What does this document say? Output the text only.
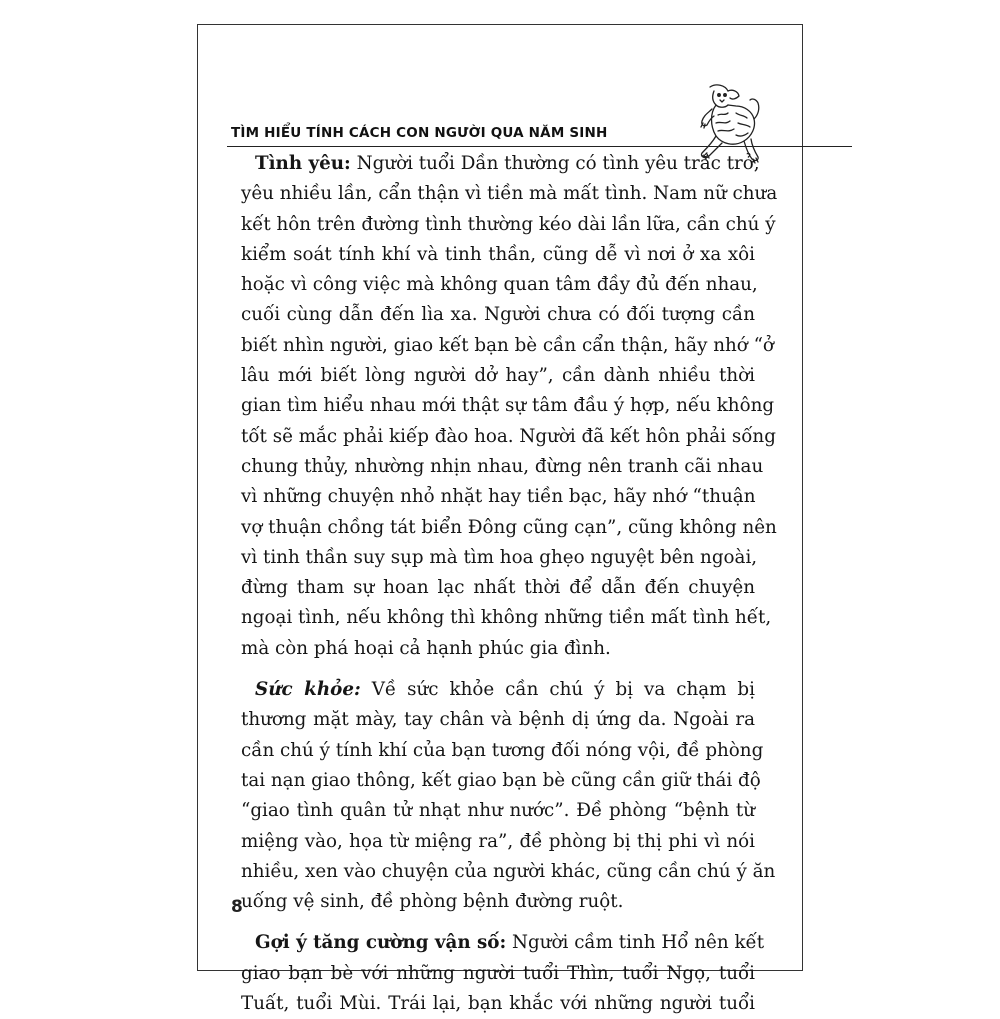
TÌM HIỂU TÍNH CÁCH CON NGƯỜI QUA NĂM SINH
Tình yêu: Người tuổi Dần thường có tình yêu trắc trở,
yêu nhiều lần, cẩn thận vì tiền mà mất tình. Nam nữ chưa
kết hôn trên đường tình thường kéo dài lần lữa, cần chú ý
kiểm soát tính khí và tinh thần, cũng dễ vì nơi ở xa xôi
hoặc vì công việc mà không quan tâm đầy đủ đến nhau,
cuối cùng dẫn đến lìa xa. Người chưa có đối tượng cần
biết nhìn người, giao kết bạn bè cần cẩn thận, hãy nhớ “ở
lâu mới biết lòng người dở hay”, cần dành nhiều thời
gian tìm hiểu nhau mới thật sự tâm đầu ý hợp, nếu không
tốt sẽ mắc phải kiếp đào hoa. Người đã kết hôn phải sống
chung thủy, nhường nhịn nhau, đừng nên tranh cãi nhau
vì những chuyện nhỏ nhặt hay tiền bạc, hãy nhớ “thuận
vợ thuận chồng tát biển Đông cũng cạn”, cũng không nên
vì tinh thần suy sụp mà tìm hoa ghẹo nguyệt bên ngoài,
đừng tham sự hoan lạc nhất thời để dẫn đến chuyện
ngoại tình, nếu không thì không những tiền mất tình hết,
mà còn phá hoại cả hạnh phúc gia đình.
Sức khỏe: Về sức khỏe cần chú ý bị va chạm bị
thương mặt mày, tay chân và bệnh dị ứng da. Ngoài ra
cần chú ý tính khí của bạn tương đối nóng vội, đề phòng
tai nạn giao thông, kết giao bạn bè cũng cần giữ thái độ
“giao tình quân tử nhạt như nước”. Đề phòng “bệnh từ
miệng vào, họa từ miệng ra”, đề phòng bị thị phi vì nói
nhiều, xen vào chuyện của người khác, cũng cần chú ý ăn
uống vệ sinh, đề phòng bệnh đường ruột.
Gợi ý tăng cường vận số: Người cầm tinh Hổ nên kết
giao bạn bè với những người tuổi Thìn, tuổi Ngọ, tuổi
Tuất, tuổi Mùi. Trái lại, bạn khắc với những người tuổi
8
